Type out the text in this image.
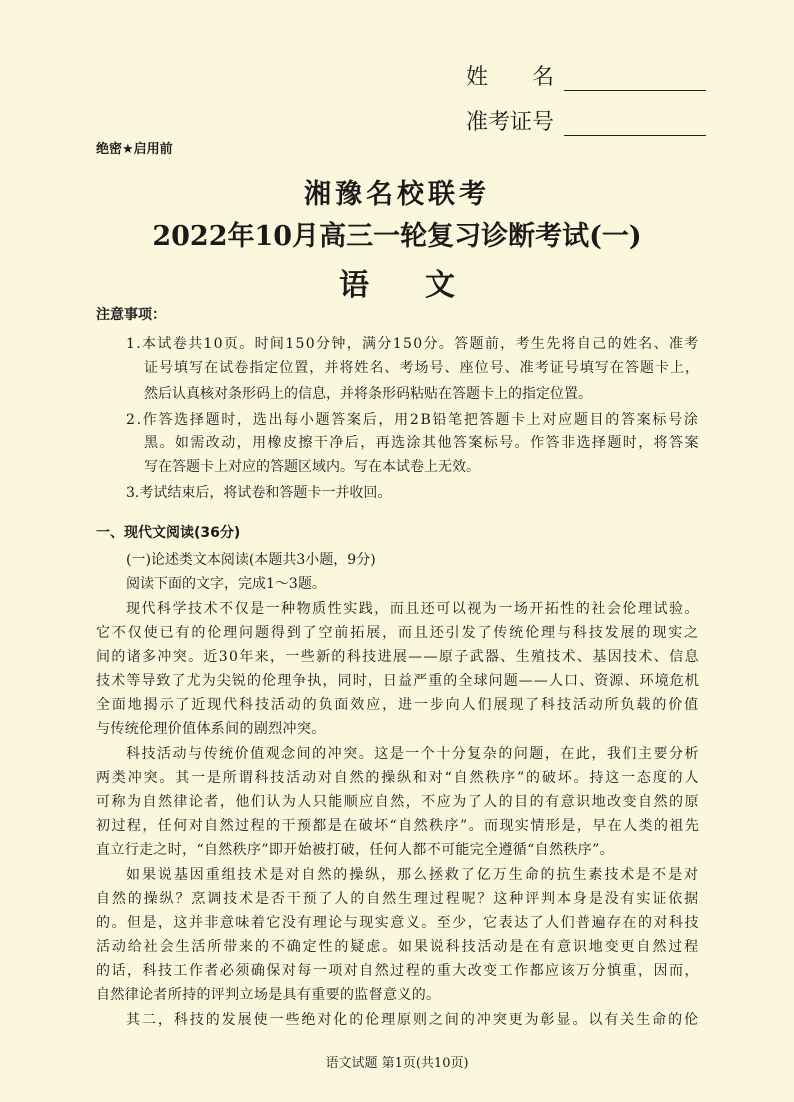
姓　　名
准考证号
绝密★启用前
湘豫名校联考
2022年10月高三一轮复习诊断考试(一)
语文
注意事项：
1.本试卷共10页。时间150分钟，满分150分。答题前，考生先将自己的姓名、准考
证号填写在试卷指定位置，并将姓名、考场号、座位号、准考证号填写在答题卡上，
然后认真核对条形码上的信息，并将条形码粘贴在答题卡上的指定位置。
2.作答选择题时，选出每小题答案后，用2B铅笔把答题卡上对应题目的答案标号涂
黑。如需改动，用橡皮擦干净后，再选涂其他答案标号。作答非选择题时，将答案
写在答题卡上对应的答题区域内。写在本试卷上无效。
3.考试结束后，将试卷和答题卡一并收回。
一、现代文阅读(36分)
(一)论述类文本阅读(本题共3小题，9分)
阅读下面的文字，完成1～3题。
现代科学技术不仅是一种物质性实践，而且还可以视为一场开拓性的社会伦理试验。
它不仅使已有的伦理问题得到了空前拓展，而且还引发了传统伦理与科技发展的现实之
间的诸多冲突。近30年来，一些新的科技进展——原子武器、生殖技术、基因技术、信息
技术等导致了尤为尖锐的伦理争执，同时，日益严重的全球问题——人口、资源、环境危机
全面地揭示了近现代科技活动的负面效应，进一步向人们展现了科技活动所负载的价值
与传统伦理价值体系间的剧烈冲突。
科技活动与传统价值观念间的冲突。这是一个十分复杂的问题，在此，我们主要分析
两类冲突。其一是所谓科技活动对自然的操纵和对“自然秩序”的破坏。持这一态度的人
可称为自然律论者，他们认为人只能顺应自然，不应为了人的目的有意识地改变自然的原
初过程，任何对自然过程的干预都是在破坏“自然秩序”。而现实情形是，早在人类的祖先
直立行走之时，“自然秩序”即开始被打破，任何人都不可能完全遵循“自然秩序”。
如果说基因重组技术是对自然的操纵，那么拯救了亿万生命的抗生素技术是不是对
自然的操纵？烹调技术是否干预了人的自然生理过程呢？这种评判本身是没有实证依据
的。但是，这并非意味着它没有理论与现实意义。至少，它表达了人们普遍存在的对科技
活动给社会生活所带来的不确定性的疑虑。如果说科技活动是在有意识地变更自然过程
的话，科技工作者必须确保对每一项对自然过程的重大改变工作都应该万分慎重，因而，
自然律论者所持的评判立场是具有重要的监督意义的。
其二，科技的发展使一些绝对化的伦理原则之间的冲突更为彰显。以有关生命的伦
语文试题 第1页(共10页)
